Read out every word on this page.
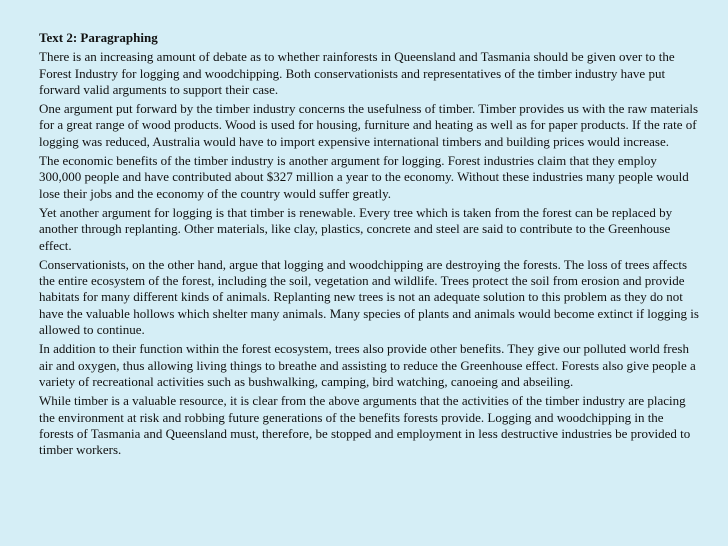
Text 2: Paragraphing

There is an increasing amount of debate as to whether rainforests in Queensland and Tasmania should be given over to the Forest Industry for logging and woodchipping. Both conservationists and representatives of the timber industry have put forward valid arguments to support their case.

One argument put forward by the timber industry concerns the usefulness of timber. Timber provides us with the raw materials for a great range of wood products. Wood is used for housing, furniture and heating as well as for paper products. If the rate of logging was reduced, Australia would have to import expensive international timbers and building prices would increase.

The economic benefits of the timber industry is another argument for logging. Forest industries claim that they employ 300,000 people and have contributed about $327 million a year to the economy. Without these industries many people would lose their jobs and the economy of the country would suffer greatly.

Yet another argument for logging is that timber is renewable. Every tree which is taken from the forest can be replaced by another through replanting. Other materials, like clay, plastics, concrete and steel are said to contribute to the Greenhouse effect.

Conservationists, on the other hand, argue that logging and woodchipping are destroying the forests. The loss of trees affects the entire ecosystem of the forest, including the soil, vegetation and wildlife. Trees protect the soil from erosion and provide habitats for many different kinds of animals. Replanting new trees is not an adequate solution to this problem as they do not have the valuable hollows which shelter many animals. Many species of plants and animals would become extinct if logging is allowed to continue.

In addition to their function within the forest ecosystem, trees also provide other benefits. They give our polluted world fresh air and oxygen, thus allowing living things to breathe and assisting to reduce the Greenhouse effect. Forests also give people a variety of recreational activities such as bushwalking, camping, bird watching, canoeing and abseiling.

While timber is a valuable resource, it is clear from the above arguments that the activities of the timber industry are placing the environment at risk and robbing future generations of the benefits forests provide. Logging and woodchipping in the forests of Tasmania and Queensland must, therefore, be stopped and employment in less destructive industries be provided to timber workers.
